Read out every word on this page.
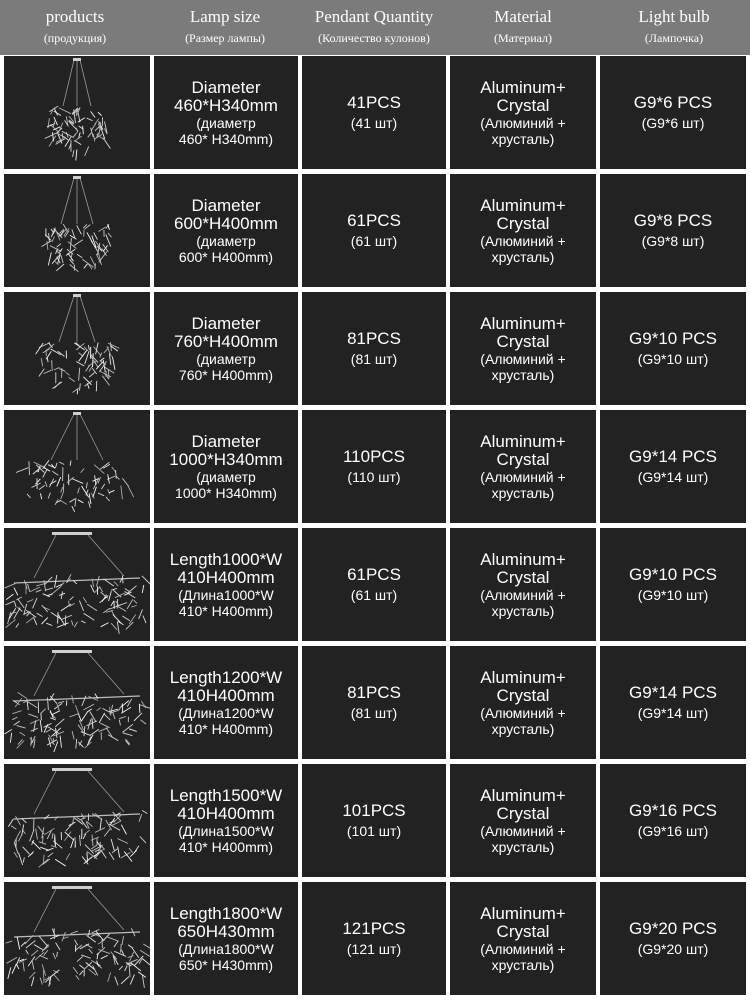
products
(продукция)
Lamp size
(Размер лампы)
Pendant Quantity
(Количество кулонов)
Material
(Материал)
Light bulb
(Лампочка)
Diameter
460*H340mm
(диаметр
460* H340mm)
41PCS
(41 шт)
Aluminum+
Crystal
(Алюминий +
хрусталь)
G9*6 PCS
(G9*6 шт)
Diameter
600*H400mm
(диаметр
600* H400mm)
61PCS
(61 шт)
Aluminum+
Crystal
(Алюминий +
хрусталь)
G9*8 PCS
(G9*8 шт)
Diameter
760*H400mm
(диаметр
760* H400mm)
81PCS
(81 шт)
Aluminum+
Crystal
(Алюминий +
хрусталь)
G9*10 PCS
(G9*10 шт)
Diameter
1000*H340mm
(диаметр
1000* H340mm)
110PCS
(110 шт)
Aluminum+
Crystal
(Алюминий +
хрусталь)
G9*14 PCS
(G9*14 шт)
Length1000*W
410H400mm
(Длина1000*W
410* H400mm)
61PCS
(61 шт)
Aluminum+
Crystal
(Алюминий +
хрусталь)
G9*10 PCS
(G9*10 шт)
Length1200*W
410H400mm
(Длина1200*W
410* H400mm)
81PCS
(81 шт)
Aluminum+
Crystal
(Алюминий +
хрусталь)
G9*14 PCS
(G9*14 шт)
Length1500*W
410H400mm
(Длина1500*W
410* H400mm)
101PCS
(101 шт)
Aluminum+
Crystal
(Алюминий +
хрусталь)
G9*16 PCS
(G9*16 шт)
Length1800*W
650H430mm
(Длина1800*W
650* H430mm)
121PCS
(121 шт)
Aluminum+
Crystal
(Алюминий +
хрусталь)
G9*20 PCS
(G9*20 шт)
